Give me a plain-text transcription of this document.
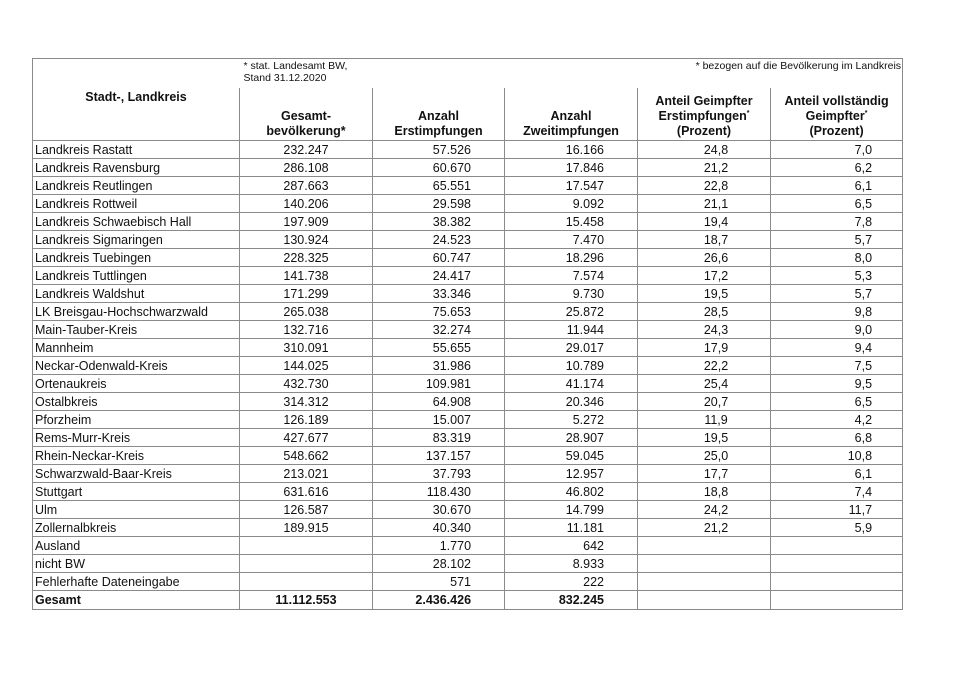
	* stat. Landesamt BW,
Stand 31.12.2020		* bezogen auf die Bevölkerung im Landkreis		
Stadt-, Landkreis	
Gesamt-
bevölkerung*

Anzahl
Erstimpfungen

Anzahl
Zweitimpfungen

Anteil Geimpfter
Erstimpfungen*
(Prozent)

Anteil vollständig
Geimpfter*
(Prozent)

Landkreis Rastatt	232.247	57.526	16.166	24,8	7,0
Landkreis Ravensburg	286.108	60.670	17.846	21,2	6,2
Landkreis Reutlingen	287.663	65.551	17.547	22,8	6,1
Landkreis Rottweil	140.206	29.598	9.092	21,1	6,5
Landkreis Schwaebisch Hall	197.909	38.382	15.458	19,4	7,8
Landkreis Sigmaringen	130.924	24.523	7.470	18,7	5,7
Landkreis Tuebingen	228.325	60.747	18.296	26,6	8,0
Landkreis Tuttlingen	141.738	24.417	7.574	17,2	5,3
Landkreis Waldshut	171.299	33.346	9.730	19,5	5,7
LK Breisgau-Hochschwarzwald	265.038	75.653	25.872	28,5	9,8
Main-Tauber-Kreis	132.716	32.274	11.944	24,3	9,0
Mannheim	310.091	55.655	29.017	17,9	9,4
Neckar-Odenwald-Kreis	144.025	31.986	10.789	22,2	7,5
Ortenaukreis	432.730	109.981	41.174	25,4	9,5
Ostalbkreis	314.312	64.908	20.346	20,7	6,5
Pforzheim	126.189	15.007	5.272	11,9	4,2
Rems-Murr-Kreis	427.677	83.319	28.907	19,5	6,8
Rhein-Neckar-Kreis	548.662	137.157	59.045	25,0	10,8
Schwarzwald-Baar-Kreis	213.021	37.793	12.957	17,7	6,1
Stuttgart	631.616	118.430	46.802	18,8	7,4
Ulm	126.587	30.670	14.799	24,2	11,7
Zollernalbkreis	189.915	40.340	11.181	21,2	5,9
Ausland		1.770	642		
nicht BW		28.102	8.933		
Fehlerhafte Dateneingabe		571	222		
Gesamt	11.112.553	2.436.426	832.245		
